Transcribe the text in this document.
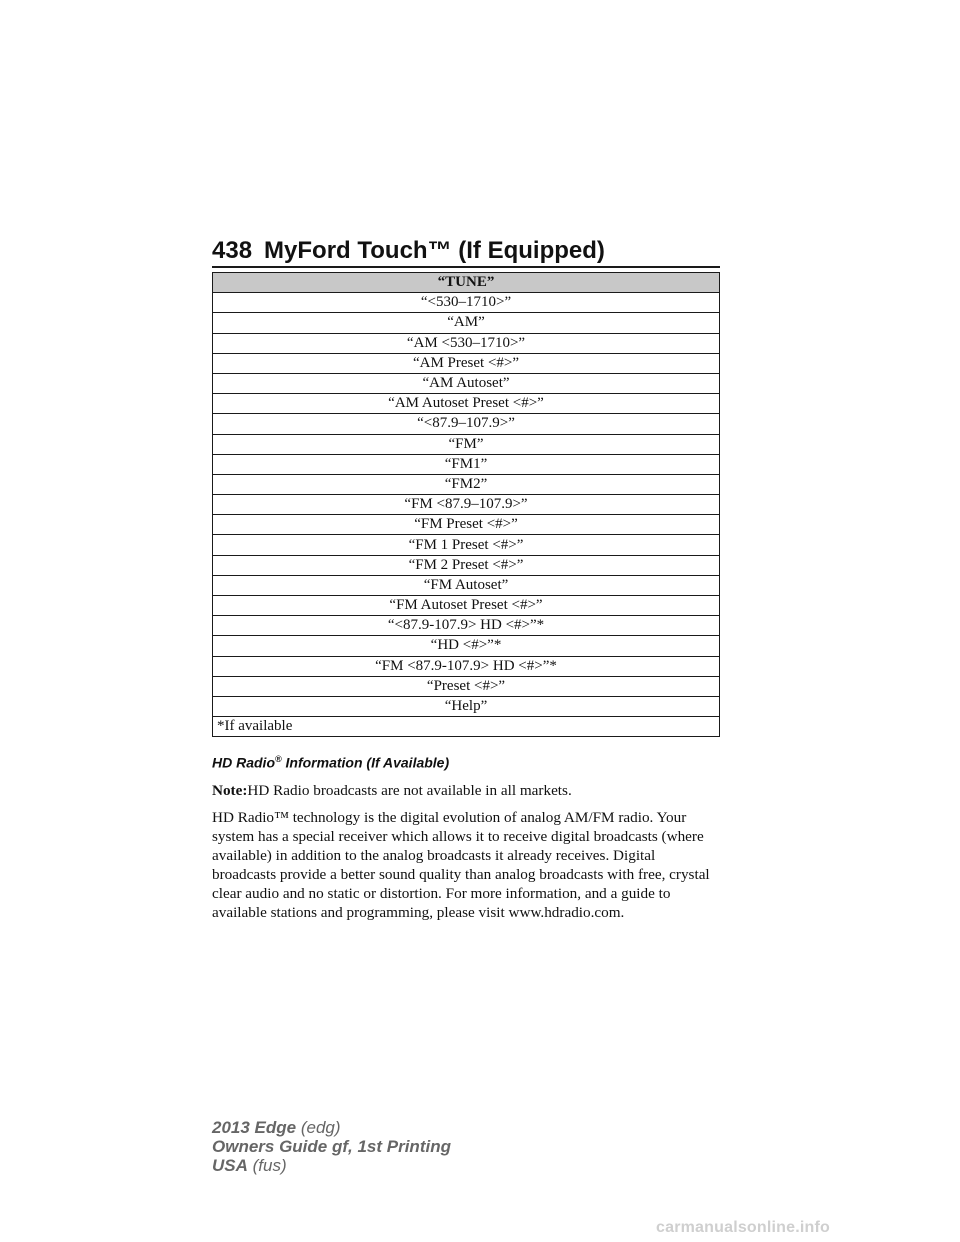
438 MyFord Touch™ (If Equipped)
“TUNE”
“<530–1710>”
“AM”
“AM <530–1710>”
“AM Preset <#>”
“AM Autoset”
“AM Autoset Preset <#>”
“<87.9–107.9>”
“FM”
“FM1”
“FM2”
“FM <87.9–107.9>”
“FM Preset <#>”
“FM 1 Preset <#>”
“FM 2 Preset <#>”
“FM Autoset”
“FM Autoset Preset <#>”
“<87.9-107.9> HD <#>”*
“HD <#>”*
“FM <87.9-107.9> HD <#>”*
“Preset <#>”
“Help”
*If available
HD Radio® Information (If Available)

Note:HD Radio broadcasts are not available in all markets.

HD Radio™ technology is the digital evolution of analog AM/FM radio. Your system has a special receiver which allows it to receive digital broadcasts (where available) in addition to the analog broadcasts it already receives. Digital broadcasts provide a better sound quality than analog broadcasts with free, crystal clear audio and no static or distortion. For more information, and a guide to available stations and programming, please visit www.hdradio.com.

2013 Edge (edg)
Owners Guide gf, 1st Printing
USA (fus)
carmanualsonline.info
